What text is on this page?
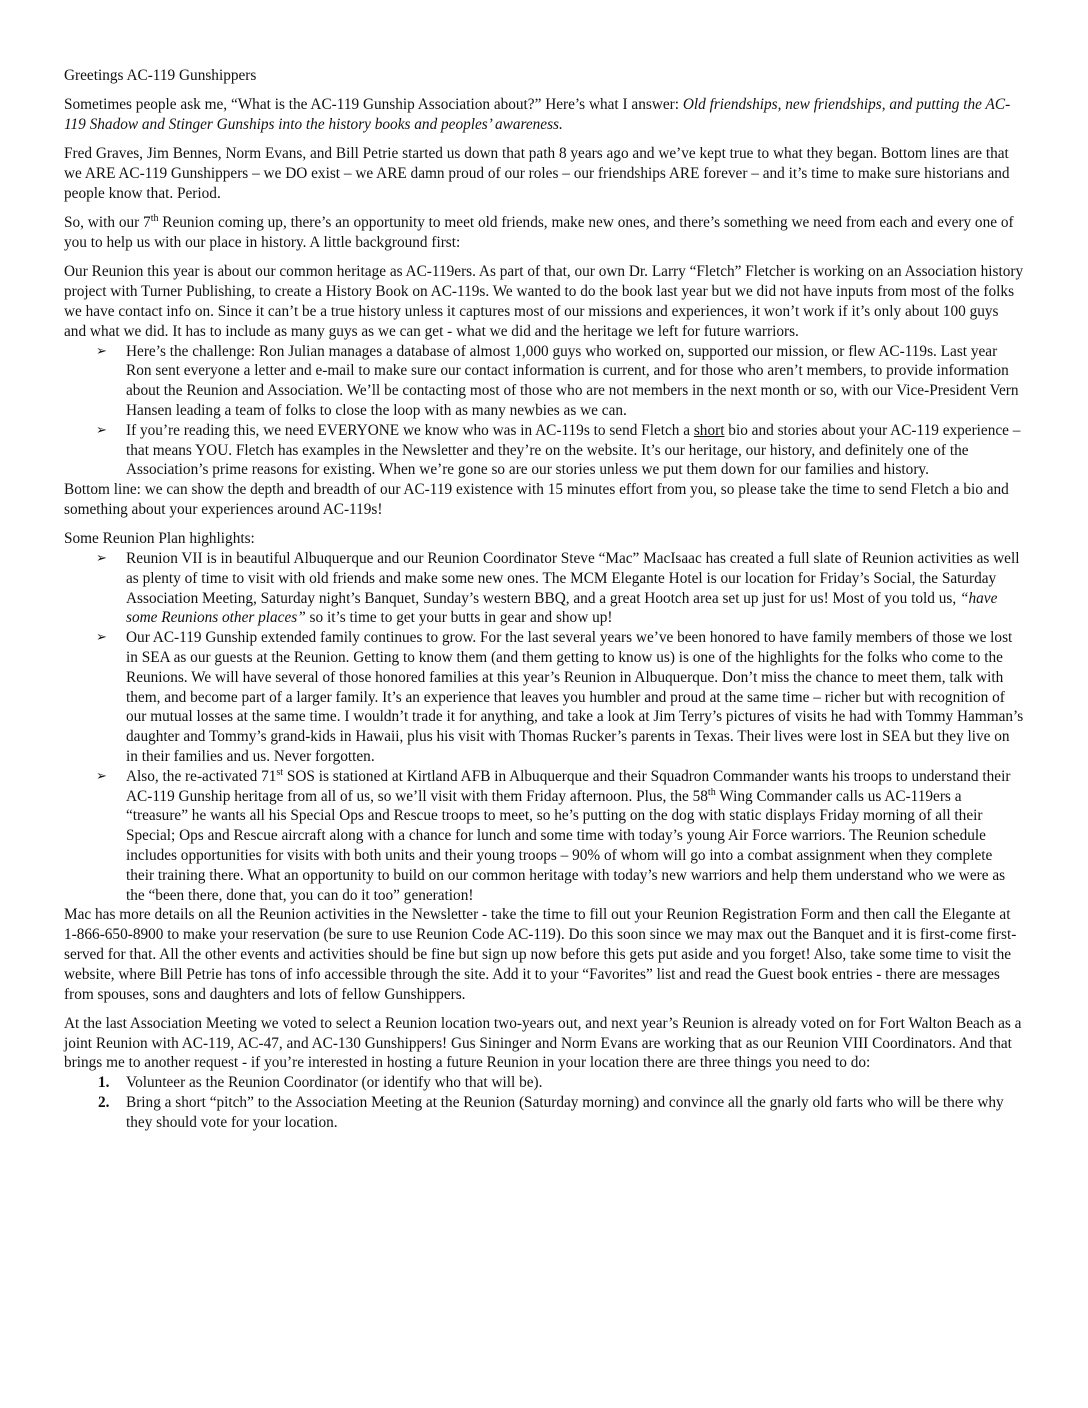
Greetings AC-119 Gunshippers

Sometimes people ask me, “What is the AC-119 Gunship Association about?” Here’s what I answer: Old friendships, new friendships, and putting the AC-119 Shadow and Stinger Gunships into the history books and peoples’ awareness.

Fred Graves, Jim Bennes, Norm Evans, and Bill Petrie started us down that path 8 years ago and we’ve kept true to what they began. Bottom lines are that we ARE AC-119 Gunshippers – we DO exist – we ARE damn proud of our roles – our friendships ARE forever – and it’s time to make sure historians and people know that. Period.

So, with our 7th Reunion coming up, there’s an opportunity to meet old friends, make new ones, and there’s something we need from each and every one of you to help us with our place in history. A little background first:

Our Reunion this year is about our common heritage as AC-119ers. As part of that, our own Dr. Larry “Fletch” Fletcher is working on an Association history project with Turner Publishing, to create a History Book on AC-119s. We wanted to do the book last year but we did not have inputs from most of the folks we have contact info on. Since it can’t be a true history unless it captures most of our missions and experiences, it won’t work if it’s only about 100 guys and what we did. It has to include as many guys as we can get - what we did and the heritage we left for future warriors.

➢ Here’s the challenge: Ron Julian manages a database of almost 1,000 guys who worked on, supported our mission, or flew AC-119s. Last year Ron sent everyone a letter and e-mail to make sure our contact information is current, and for those who aren’t members, to provide information about the Reunion and Association. We’ll be contacting most of those who are not members in the next month or so, with our Vice-President Vern Hansen leading a team of folks to close the loop with as many newbies as we can.
➢ If you’re reading this, we need EVERYONE we know who was in AC-119s to send Fletch a short bio and stories about your AC-119 experience – that means YOU. Fletch has examples in the Newsletter and they’re on the website. It’s our heritage, our history, and definitely one of the Association’s prime reasons for existing. When we’re gone so are our stories unless we put them down for our families and history.

Bottom line: we can show the depth and breadth of our AC-119 existence with 15 minutes effort from you, so please take the time to send Fletch a bio and something about your experiences around AC-119s!

Some Reunion Plan highlights:

➢ Reunion VII is in beautiful Albuquerque and our Reunion Coordinator Steve “Mac” MacIsaac has created a full slate of Reunion activities as well as plenty of time to visit with old friends and make some new ones. The MCM Elegante Hotel is our location for Friday’s Social, the Saturday Association Meeting, Saturday night’s Banquet, Sunday’s western BBQ, and a great Hootch area set up just for us! Most of you told us, “have some Reunions other places” so it’s time to get your butts in gear and show up!
➢ Our AC-119 Gunship extended family continues to grow. For the last several years we’ve been honored to have family members of those we lost in SEA as our guests at the Reunion. Getting to know them (and them getting to know us) is one of the highlights for the folks who come to the Reunions. We will have several of those honored families at this year’s Reunion in Albuquerque. Don’t miss the chance to meet them, talk with them, and become part of a larger family. It’s an experience that leaves you humbler and proud at the same time – richer but with recognition of our mutual losses at the same time. I wouldn’t trade it for anything, and take a look at Jim Terry’s pictures of visits he had with Tommy Hamman’s daughter and Tommy’s grand-kids in Hawaii, plus his visit with Thomas Rucker’s parents in Texas. Their lives were lost in SEA but they live on in their families and us. Never forgotten.
➢ Also, the re-activated 71st SOS is stationed at Kirtland AFB in Albuquerque and their Squadron Commander wants his troops to understand their AC-119 Gunship heritage from all of us, so we’ll visit with them Friday afternoon. Plus, the 58th Wing Commander calls us AC-119ers a “treasure” he wants all his Special Ops and Rescue troops to meet, so he’s putting on the dog with static displays Friday morning of all their Special; Ops and Rescue aircraft along with a chance for lunch and some time with today’s young Air Force warriors. The Reunion schedule includes opportunities for visits with both units and their young troops – 90% of whom will go into a combat assignment when they complete their training there. What an opportunity to build on our common heritage with today’s new warriors and help them understand who we were as the “been there, done that, you can do it too” generation!

Mac has more details on all the Reunion activities in the Newsletter - take the time to fill out your Reunion Registration Form and then call the Elegante at 1-866-650-8900 to make your reservation (be sure to use Reunion Code AC-119). Do this soon since we may max out the Banquet and it is first-come first-served for that. All the other events and activities should be fine but sign up now before this gets put aside and you forget! Also, take some time to visit the website, where Bill Petrie has tons of info accessible through the site. Add it to your “Favorites” list and read the Guest book entries - there are messages from spouses, sons and daughters and lots of fellow Gunshippers.

At the last Association Meeting we voted to select a Reunion location two-years out, and next year’s Reunion is already voted on for Fort Walton Beach as a joint Reunion with AC-119, AC-47, and AC-130 Gunshippers! Gus Sininger and Norm Evans are working that as our Reunion VIII Coordinators. And that brings me to another request - if you’re interested in hosting a future Reunion in your location there are three things you need to do:

1. Volunteer as the Reunion Coordinator (or identify who that will be).
2. Bring a short “pitch” to the Association Meeting at the Reunion (Saturday morning) and convince all the gnarly old farts who will be there why they should vote for your location.
